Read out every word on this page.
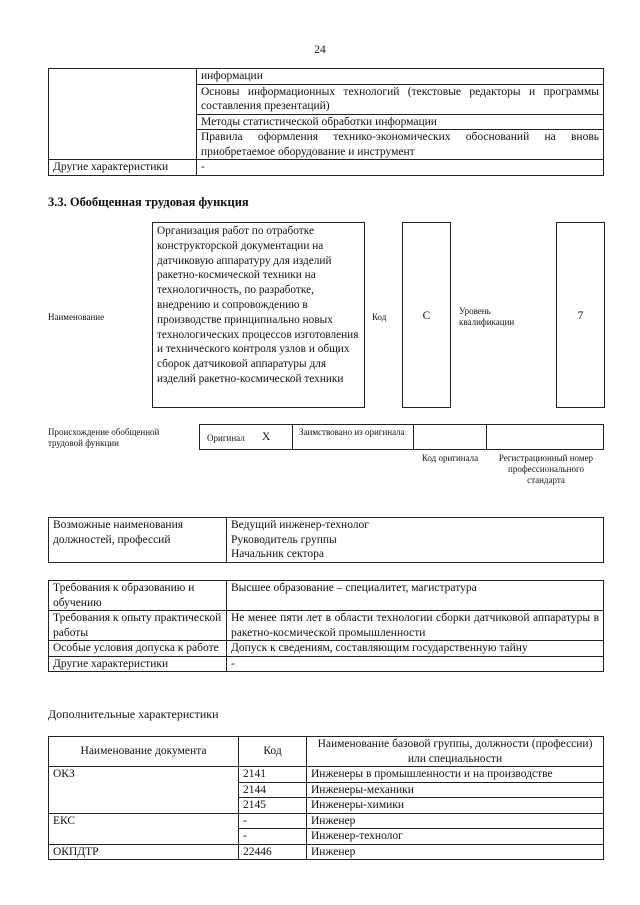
24
	информации
	Основы информационных технологий (текстовые редакторы и программы составления презентаций)
	Методы статистической обработки информации
	Правила оформления технико-экономических обоснований на вновь приобретаемое оборудование и инструмент
Другие характеристики	-
3.3. Обобщенная трудовая функция
Наименование
Организация работ по отработке конструкторской документации на датчиковую аппаратуру для изделий ракетно-космической техники на технологичность, по разработке, внедрению и сопровождению в производстве принципиально новых технологических процессов изготовления и технического контроля узлов и общих сборок датчиковой аппаратуры для изделий ракетно-космической техники
Код	C	Уровень квалификации	7
Происхождение обобщенной трудовой функции	Оригинал X	Заимствовано из оригинала
Код оригинала	Регистрационный номер профессионального стандарта
Возможные наименования должностей, профессий	
Ведущий инженер-технолог
Руководитель группы
Начальник сектора
Требования к образованию и обучению	Высшее образование – специалитет, магистратура
Требования к опыту практической работы	Не менее пяти лет в области технологии сборки датчиковой аппаратуры в ракетно-космической промышленности
Особые условия допуска к работе	Допуск к сведениям, составляющим государственную тайну
Другие характеристики	-
Дополнительные характеристики
Наименование документа	Код	Наименование базовой группы, должности (профессии) или специальности
ОКЗ	2141	Инженеры в промышленности и на производстве
	2144	Инженеры-механики
	2145	Инженеры-химики
ЕКС	-	Инженер
	-	Инженер-технолог
ОКПДТР	22446	Инженер
